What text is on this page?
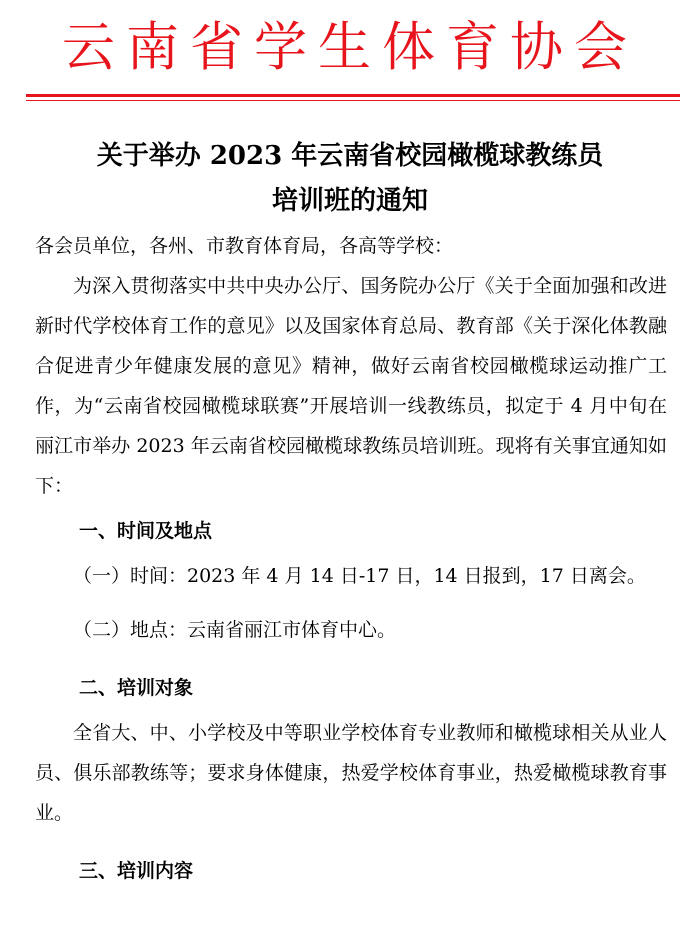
云南省学生体育协会
关于举办 2023 年云南省校园橄榄球教练员
培训班的通知

各会员单位，各州、市教育体育局，各高等学校：

为深入贯彻落实中共中央办公厅、国务院办公厅《关于全面加强和改进新时代学校体育工作的意见》以及国家体育总局、教育部《关于深化体教融合促进青少年健康发展的意见》精神，做好云南省校园橄榄球运动推广工作，为“云南省校园橄榄球联赛”开展培训一线教练员，拟定于 4 月中旬在丽江市举办 2023 年云南省校园橄榄球教练员培训班。现将有关事宜通知如下：

一、时间及地点

（一）时间：2023 年 4 月 14 日-17 日，14 日报到，17 日离会。

（二）地点：云南省丽江市体育中心。

二、培训对象

全省大、中、小学校及中等职业学校体育专业教师和橄榄球相关从业人员、俱乐部教练等；要求身体健康，热爱学校体育事业，热爱橄榄球教育事业。

三、培训内容
